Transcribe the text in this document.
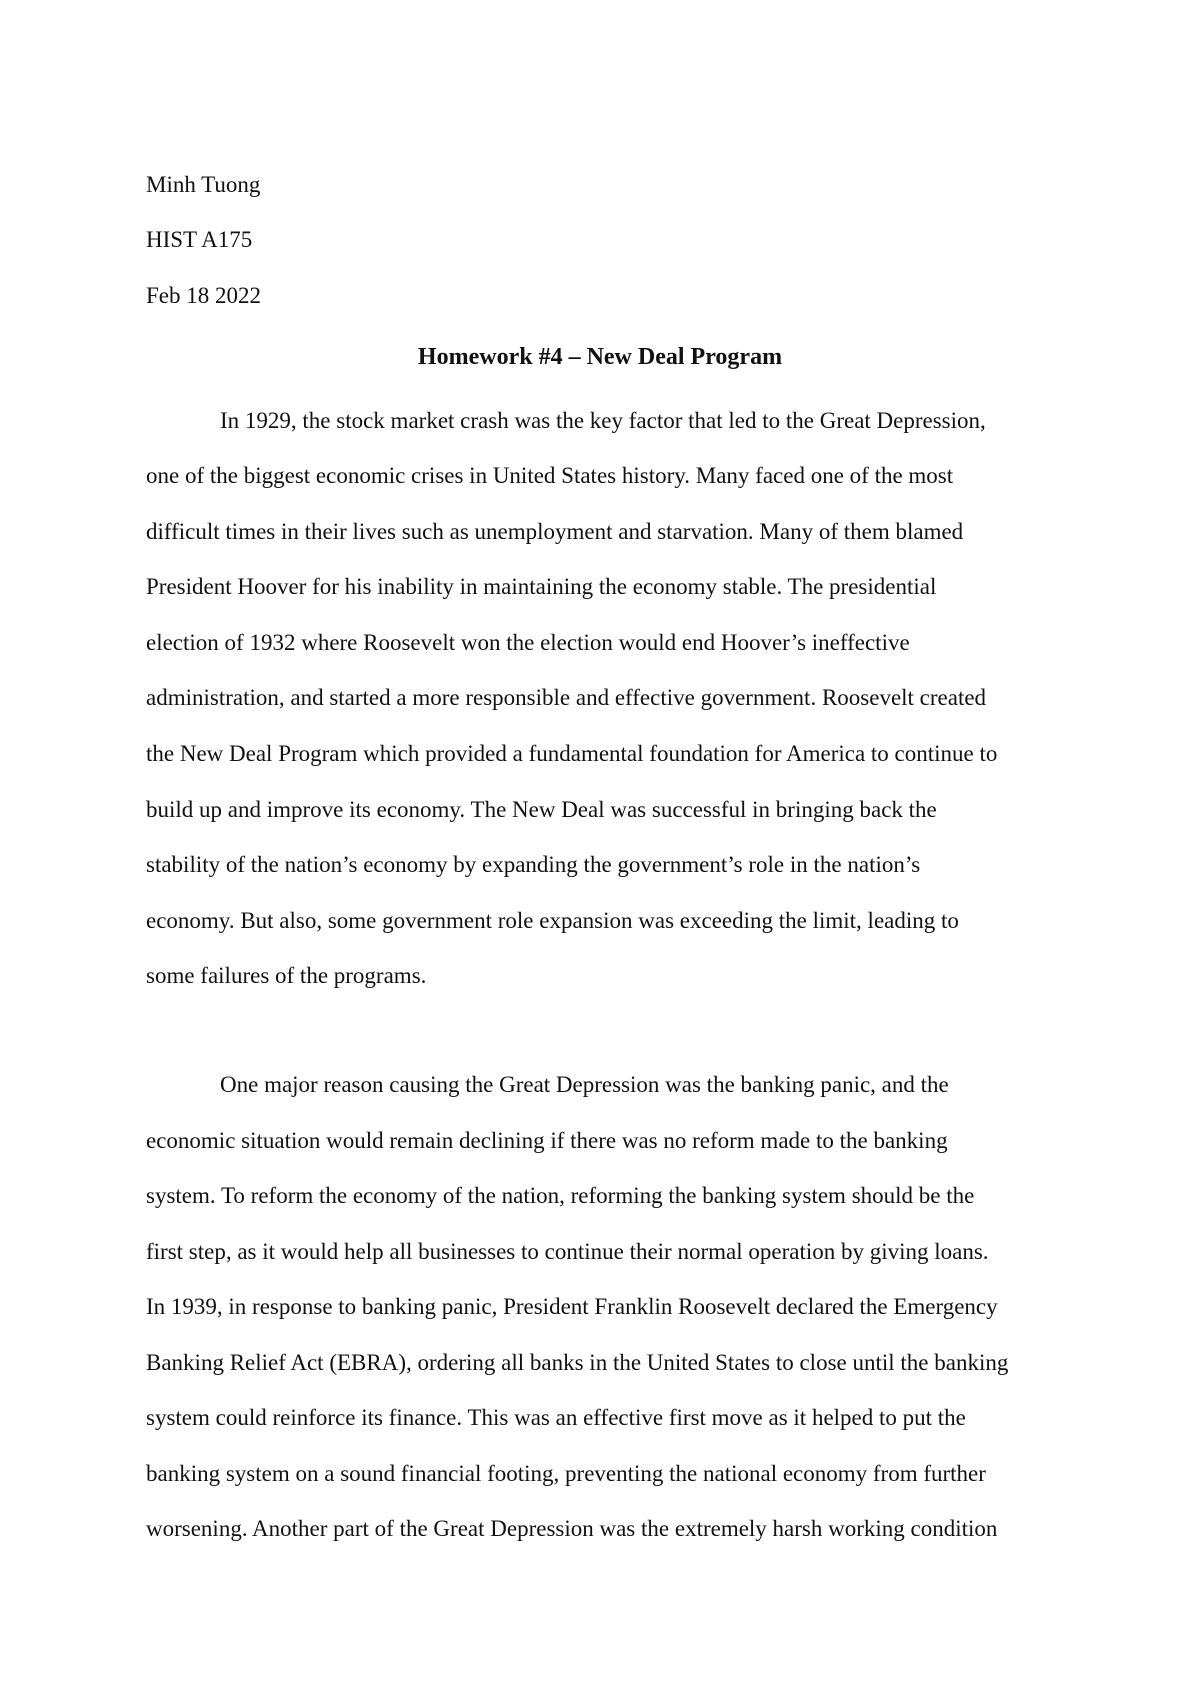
Minh Tuong
HIST A175
Feb 18 2022
Homework #4 – New Deal Program
In 1929, the stock market crash was the key factor that led to the Great Depression,
one of the biggest economic crises in United States history. Many faced one of the most
difficult times in their lives such as unemployment and starvation. Many of them blamed
President Hoover for his inability in maintaining the economy stable. The presidential
election of 1932 where Roosevelt won the election would end Hoover’s ineffective
administration, and started a more responsible and effective government. Roosevelt created
the New Deal Program which provided a fundamental foundation for America to continue to
build up and improve its economy. The New Deal was successful in bringing back the
stability of the nation’s economy by expanding the government’s role in the nation’s
economy. But also, some government role expansion was exceeding the limit, leading to
some failures of the programs.
One major reason causing the Great Depression was the banking panic, and the
economic situation would remain declining if there was no reform made to the banking
system. To reform the economy of the nation, reforming the banking system should be the
first step, as it would help all businesses to continue their normal operation by giving loans.
In 1939, in response to banking panic, President Franklin Roosevelt declared the Emergency
Banking Relief Act (EBRA), ordering all banks in the United States to close until the banking
system could reinforce its finance. This was an effective first move as it helped to put the
banking system on a sound financial footing, preventing the national economy from further
worsening. Another part of the Great Depression was the extremely harsh working condition
